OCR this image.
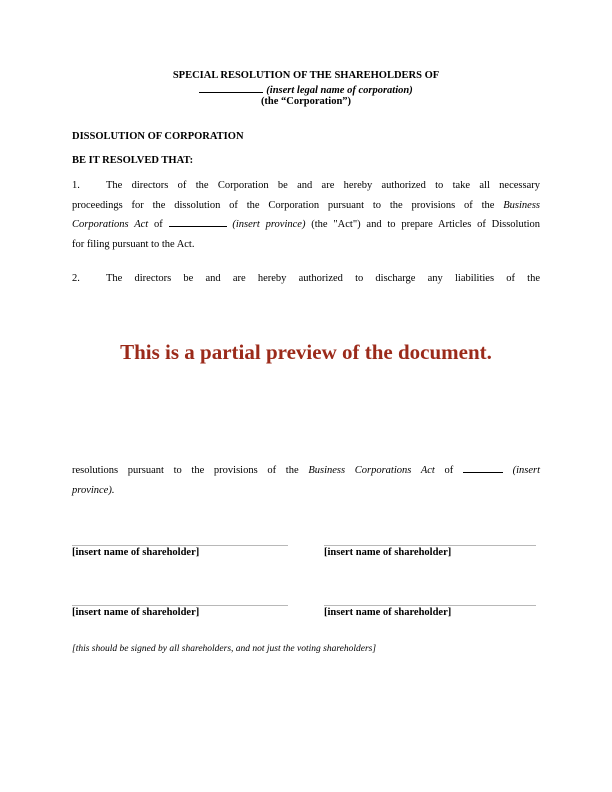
SPECIAL RESOLUTION OF THE SHAREHOLDERS OF
(insert legal name of corporation)
(the “Corporation”)
DISSOLUTION OF CORPORATION
BE IT RESOLVED THAT:
1. The directors of the Corporation be and are hereby authorized to take all necessary
proceedings for the dissolution of the Corporation pursuant to the provisions of the Business
Corporations Act of	(insert province) (the "Act") and to prepare Articles of Dissolution
for filing pursuant to the Act.
2. The directors be and are hereby authorized to discharge any liabilities of the
This is a partial preview of the document.
resolutions pursuant to the provisions of the Business Corporations Act of	(insert
province).
[insert name of shareholder]	[insert name of shareholder]
[insert name of shareholder]	[insert name of shareholder]
[this should be signed by all shareholders, and not just the voting shareholders]
